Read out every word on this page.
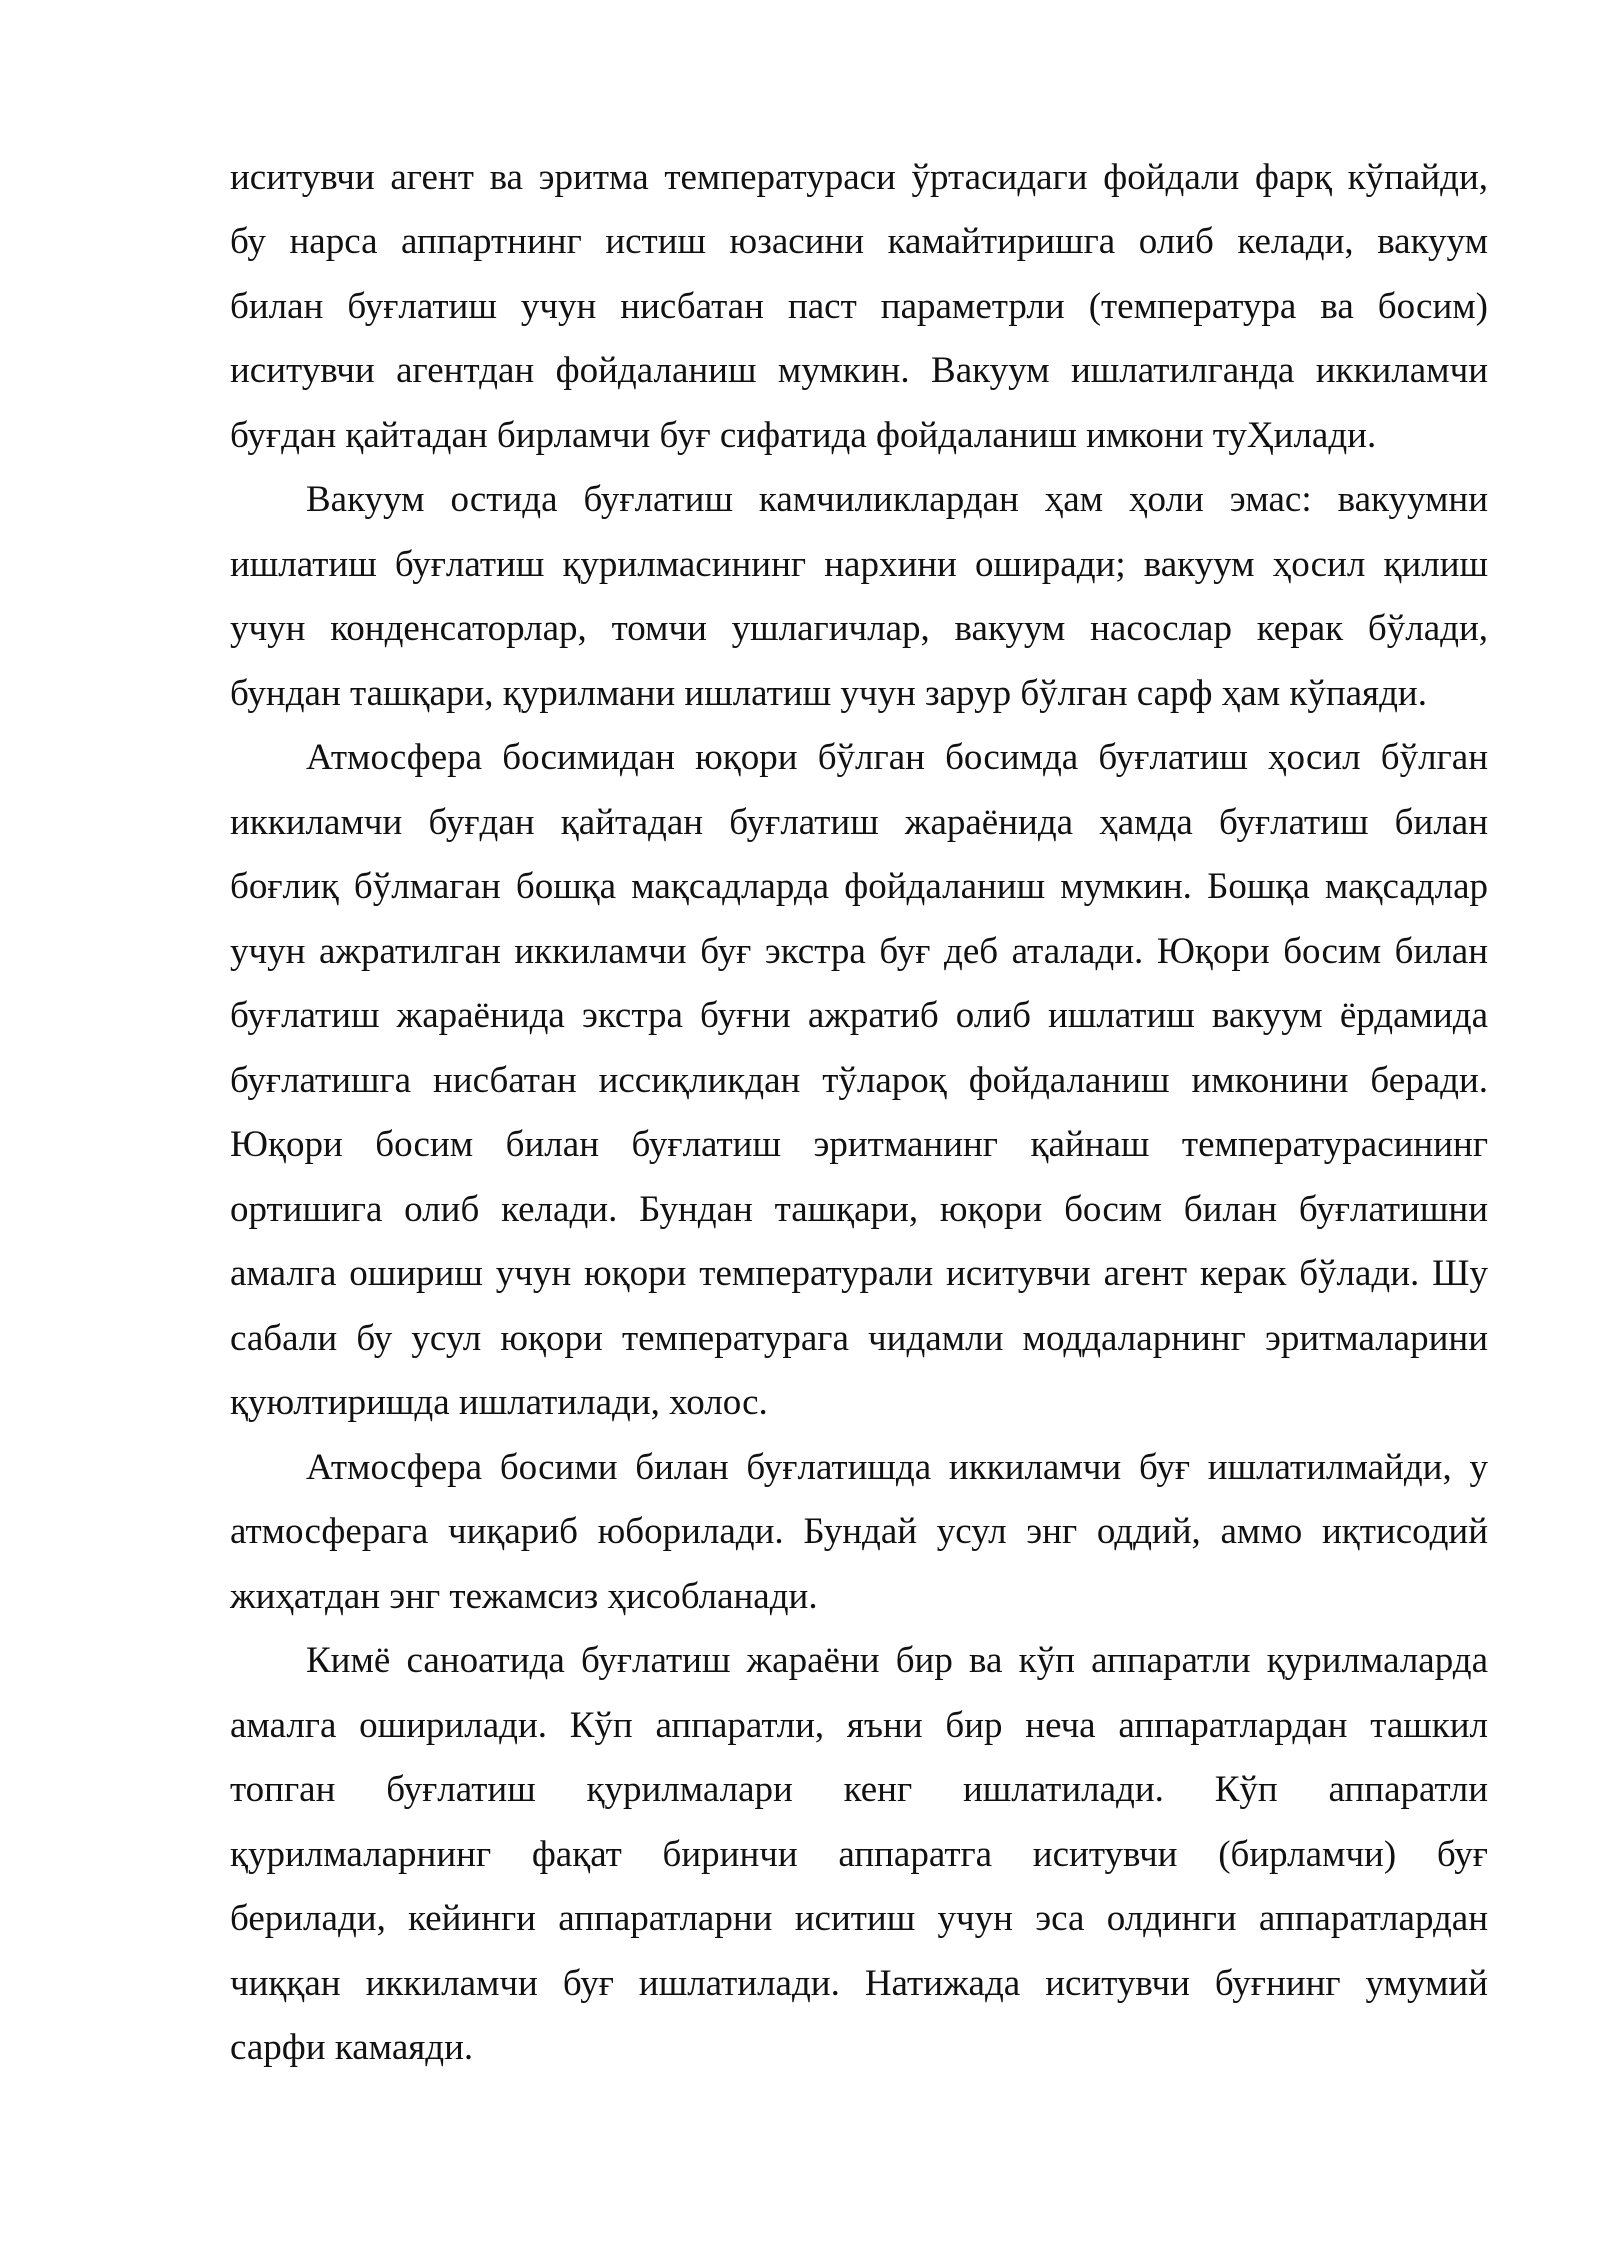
иситувчи агент ва эритма температураси ўртасидаги фойдали фарқ кўпайди,
бу нарса аппартнинг истиш юзасини камайтиришга олиб келади, вакуум
билан буғлатиш учун нисбатан паст параметрли (температура ва босим)
иситувчи агентдан фойдаланиш мумкин. Вакуум ишлатилганда иккиламчи
буғдан қайтадан бирламчи буғ сифатида фойдаланиш имкони туҲилади.
Вакуум остида буғлатиш камчиликлардан ҳам ҳоли эмас: вакуумни
ишлатиш буғлатиш қурилмасининг нархини оширади; вакуум ҳосил қилиш
учун конденсаторлар, томчи ушлагичлар, вакуум насослар керак бўлади,
бундан ташқари, қурилмани ишлатиш учун зарур бўлган сарф ҳам кўпаяди.
Атмосфера босимидан юқори бўлган босимда буғлатиш ҳосил бўлган
иккиламчи буғдан қайтадан буғлатиш жараёнида ҳамда буғлатиш билан
боғлиқ бўлмаган бошқа мақсадларда фойдаланиш мумкин. Бошқа мақсадлар
учун ажратилган иккиламчи буғ экстра буғ деб аталади. Юқори босим билан
буғлатиш жараёнида экстра буғни ажратиб олиб ишлатиш вакуум ёрдамида
буғлатишга нисбатан иссиқликдан тўлароқ фойдаланиш имконини беради.
Юқори босим билан буғлатиш эритманинг қайнаш температурасининг
ортишига олиб келади. Бундан ташқари, юқори босим билан буғлатишни
амалга ошириш учун юқори температурали иситувчи агент керак бўлади. Шу
сабали бу усул юқори температурага чидамли моддаларнинг эритмаларини
қуюлтиришда ишлатилади, холос.
Атмосфера босими билан буғлатишда иккиламчи буғ ишлатилмайди, у
атмосферага чиқариб юборилади. Бундай усул энг оддий, аммо иқтисодий
жиҳатдан энг тежамсиз ҳисобланади.
Кимё саноатида буғлатиш жараёни бир ва кўп аппаратли қурилмаларда
амалга оширилади. Кўп аппаратли, яъни бир неча аппаратлардан ташкил
топган буғлатиш қурилмалари кенг ишлатилади. Кўп аппаратли
қурилмаларнинг фақат биринчи аппаратга иситувчи (бирламчи) буғ
берилади, кейинги аппаратларни иситиш учун эса олдинги аппаратлардан
чиққан иккиламчи буғ ишлатилади. Натижада иситувчи буғнинг умумий
сарфи камаяди.
